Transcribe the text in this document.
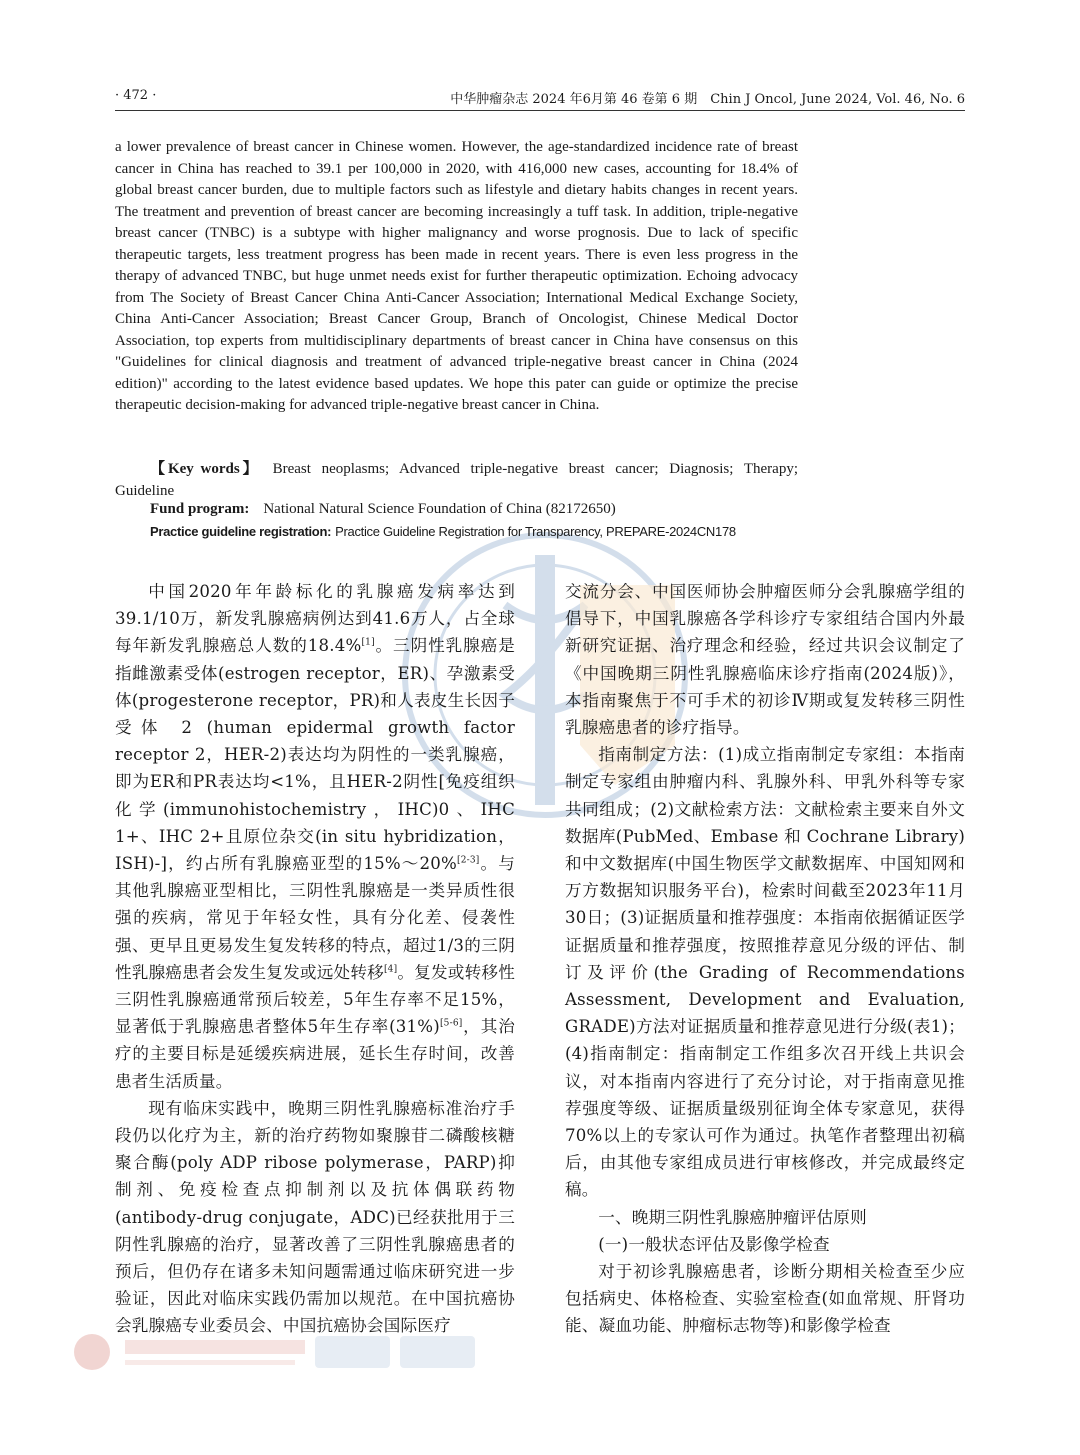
· 472 ·	中华肿瘤杂志 2024 年6月第 46 卷第 6 期　Chin J Oncol, June 2024, Vol. 46, No. 6

a lower prevalence of breast cancer in Chinese women. However, the age-standardized incidence rate of breast cancer in China has reached to 39.1 per 100,000 in 2020, with 416,000 new cases, accounting for 18.4% of global breast cancer burden, due to multiple factors such as lifestyle and dietary habits changes in recent years. The treatment and prevention of breast cancer are becoming increasingly a tuff task. In addition, triple-negative breast cancer (TNBC) is a subtype with higher malignancy and worse prognosis. Due to lack of specific therapeutic targets, less treatment progress has been made in recent years. There is even less progress in the therapy of advanced TNBC, but huge unmet needs exist for further therapeutic optimization. Echoing advocacy from The Society of Breast Cancer China Anti-Cancer Association; International Medical Exchange Society, China Anti-Cancer Association; Breast Cancer Group, Branch of Oncologist, Chinese Medical Doctor Association, top experts from multidisciplinary departments of breast cancer in China have consensus on this "Guidelines for clinical diagnosis and treatment of advanced triple-negative breast cancer in China (2024 edition)" according to the latest evidence based updates. We hope this pater can guide or optimize the precise therapeutic decision-making for advanced triple-negative breast cancer in China.

【Key words】 Breast neoplasms; Advanced triple-negative breast cancer; Diagnosis; Therapy; Guideline
Fund program: National Natural Science Foundation of China (82172650)
Practice guideline registration: Practice Guideline Registration for Transparency, PREPARE-2024CN178

中国2020年年龄标化的乳腺癌发病率达到39.1/10万，新发乳腺癌病例达到41.6万人，占全球每年新发乳腺癌总人数的18.4%[1]。三阴性乳腺癌是指雌激素受体(estrogen receptor，ER)、孕激素受体(progesterone receptor，PR)和人表皮生长因子受体 2 (human epidermal growth factor receptor 2，HER-2)表达均为阴性的一类乳腺癌，即为ER和PR表达均<1%，且HER-2阴性[免疫组织化学(immunohistochemistry，IHC)0、IHC 1+、IHC 2+且原位杂交(in situ hybridization，ISH)-]，约占所有乳腺癌亚型的15%～20%[2-3]。与其他乳腺癌亚型相比，三阴性乳腺癌是一类异质性很强的疾病，常见于年轻女性，具有分化差、侵袭性强、更早且更易发生复发转移的特点，超过1/3的三阴性乳腺癌患者会发生复发或远处转移[4]。复发或转移性三阴性乳腺癌通常预后较差，5年生存率不足15%，显著低于乳腺癌患者整体5年生存率(31%)[5-6]，其治疗的主要目标是延缓疾病进展，延长生存时间，改善患者生活质量。

现有临床实践中，晚期三阴性乳腺癌标准治疗手段仍以化疗为主，新的治疗药物如聚腺苷二磷酸核糖聚合酶(poly ADP ribose polymerase，PARP)抑制剂、免疫检查点抑制剂以及抗体偶联药物(antibody-drug conjugate，ADC)已经获批用于三阴性乳腺癌的治疗，显著改善了三阴性乳腺癌患者的预后，但仍存在诸多未知问题需通过临床研究进一步验证，因此对临床实践仍需加以规范。在中国抗癌协会乳腺癌专业委员会、中国抗癌协会国际医疗

交流分会、中国医师协会肿瘤医师分会乳腺癌学组的倡导下，中国乳腺癌各学科诊疗专家组结合国内外最新研究证据、治疗理念和经验，经过共识会议制定了《中国晚期三阴性乳腺癌临床诊疗指南(2024版)》，本指南聚焦于不可手术的初诊Ⅳ期或复发转移三阴性乳腺癌患者的诊疗指导。

指南制定方法：(1)成立指南制定专家组：本指南制定专家组由肿瘤内科、乳腺外科、甲乳外科等专家共同组成；(2)文献检索方法：文献检索主要来自外文数据库(PubMed、Embase 和 Cochrane Library)和中文数据库(中国生物医学文献数据库、中国知网和万方数据知识服务平台)，检索时间截至2023年11月30日；(3)证据质量和推荐强度：本指南依据循证医学证据质量和推荐强度，按照推荐意见分级的评估、制订及评价(the Grading of Recommendations Assessment, Development and Evaluation, GRADE)方法对证据质量和推荐意见进行分级(表1)；(4)指南制定：指南制定工作组多次召开线上共识会议，对本指南内容进行了充分讨论，对于指南意见推荐强度等级、证据质量级别征询全体专家意见，获得70%以上的专家认可作为通过。执笔作者整理出初稿后，由其他专家组成员进行审核修改，并完成最终定稿。

一、晚期三阴性乳腺癌肿瘤评估原则

(一)一般状态评估及影像学检查

对于初诊乳腺癌患者，诊断分期相关检查至少应包括病史、体格检查、实验室检查(如血常规、肝肾功能、凝血功能、肿瘤标志物等)和影像学检查
